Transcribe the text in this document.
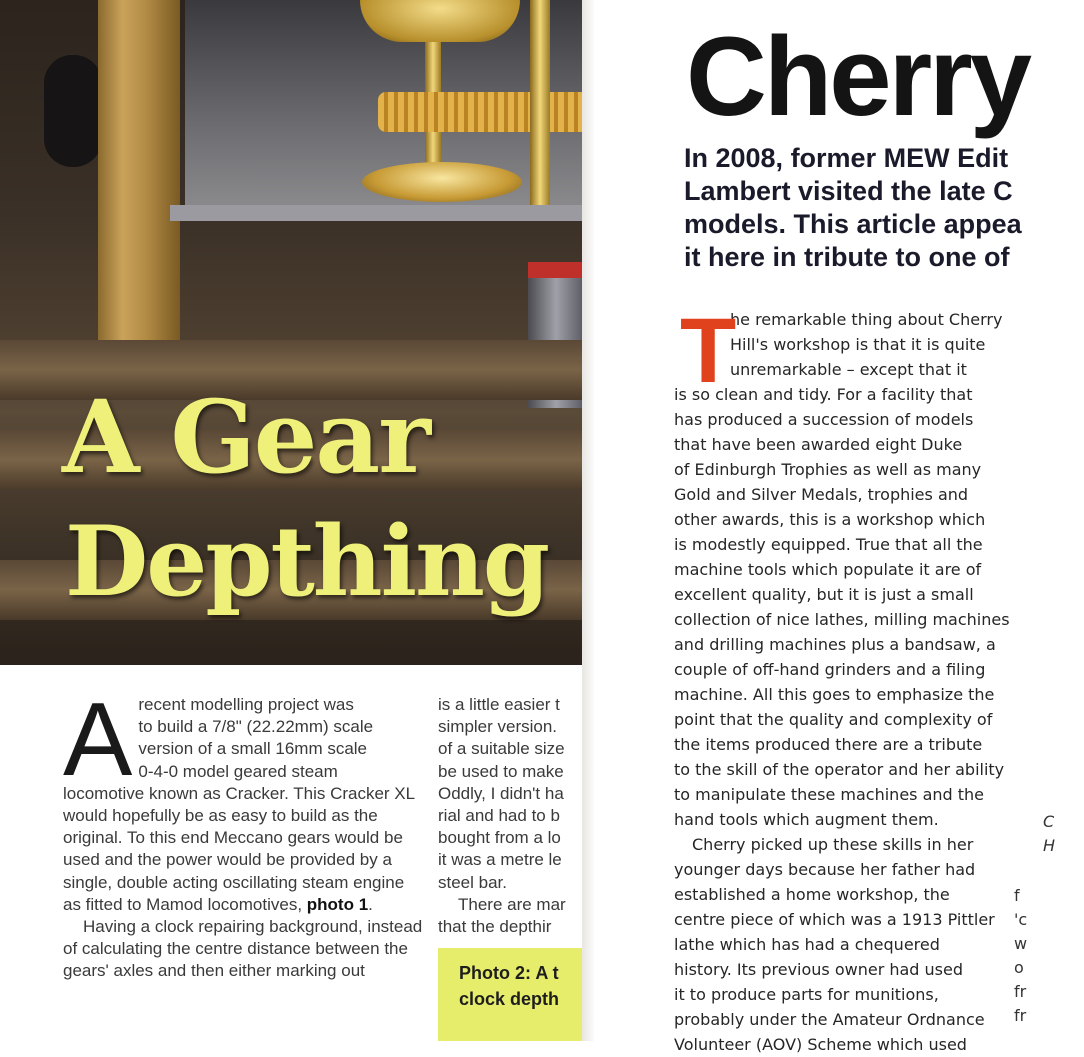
A Gear
Depthing
A recent modelling project was
to build a 7/8" (22.22mm) scale
version of a small 16mm scale
0-4-0 model geared steam

locomotive known as Cracker. This Cracker XL would hopefully be as easy to build as the original. To this end Meccano gears would be used and the power would be provided by a single, double acting oscillating steam engine as fitted to Mamod locomotives, photo 1.

Having a clock repairing background, instead of calculating the centre distance between the gears' axles and then either marking out

is a little easier t
simpler version.
of a suitable size
be used to make
Oddly, I didn't ha
rial and had to b
bought from a lo
it was a metre le
steel bar.
There are mar
that the depthir
Photo 2: A t
clock depth
Cherry
In 2008, former MEW Edit
Lambert visited the late C
models. This article appea
it here in tribute to one of
T
he remarkable thing about Cherry
Hill's workshop is that it is quite
unremarkable – except that it
is so clean and tidy. For a facility that
has produced a succession of models
that have been awarded eight Duke
of Edinburgh Trophies as well as many
Gold and Silver Medals, trophies and
other awards, this is a workshop which
is modestly equipped. True that all the
machine tools which populate it are of
excellent quality, but it is just a small
collection of nice lathes, milling machines
and drilling machines plus a bandsaw, a
couple of off-hand grinders and a filing
machine. All this goes to emphasize the
point that the quality and complexity of
the items produced there are a tribute
to the skill of the operator and her ability
to manipulate these machines and the
hand tools which augment them.
Cherry picked up these skills in her
younger days because her father had
established a home workshop, the
centre piece of which was a 1913 Pittler
lathe which has had a chequered
history. Its previous owner had used
it to produce parts for munitions,
probably under the Amateur Ordnance
Volunteer (AOV) Scheme which used
C
H
f
'c
w
o
fr
fr
